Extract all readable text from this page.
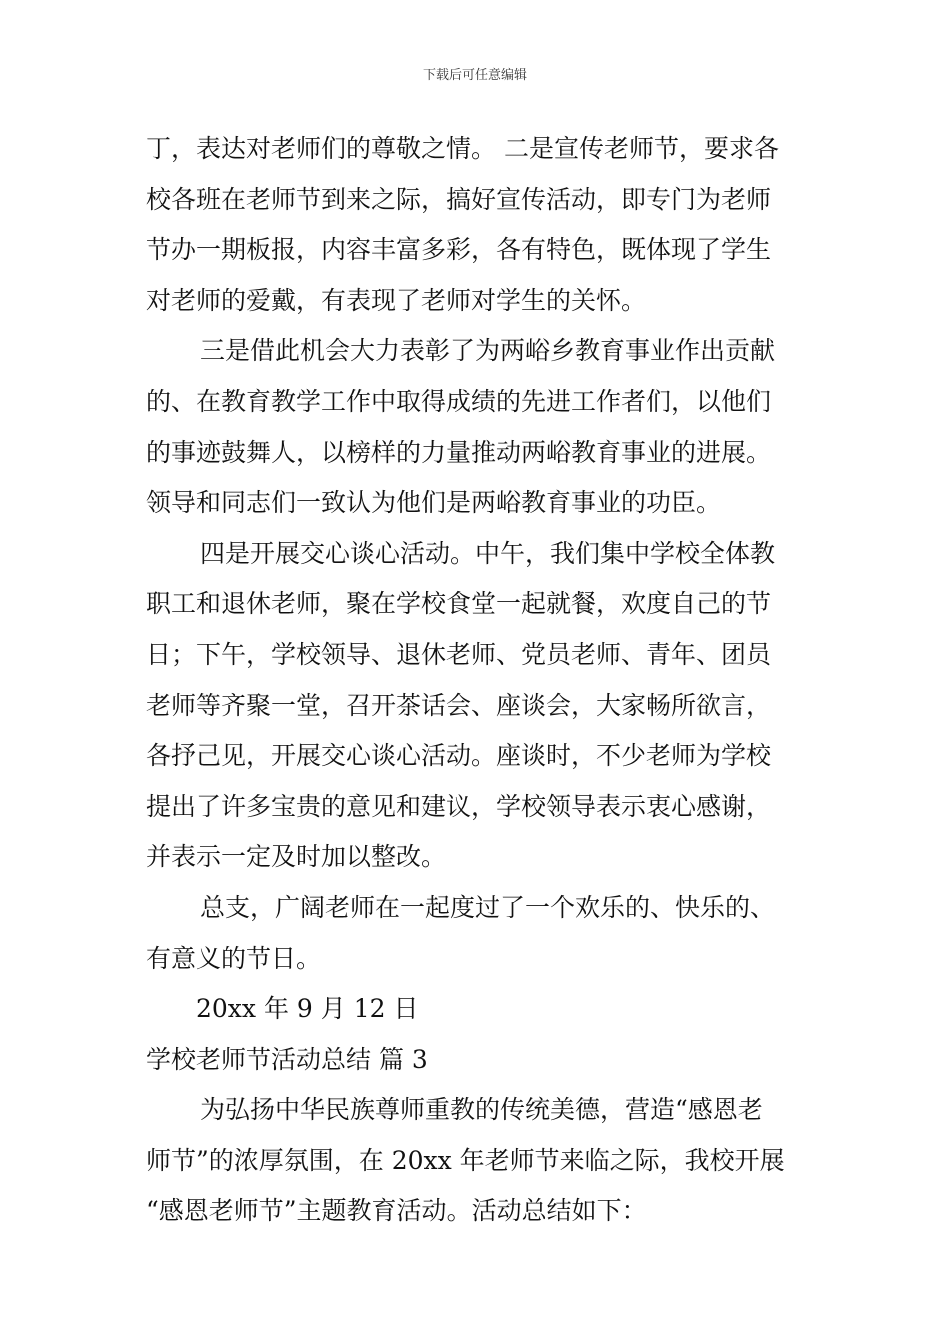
下载后可任意编辑

丁，表达对老师们的尊敬之情。 二是宣传老师节，要求各
校各班在老师节到来之际，搞好宣传活动，即专门为老师
节办一期板报，内容丰富多彩，各有特色，既体现了学生
对老师的爱戴，有表现了老师对学生的关怀。

三是借此机会大力表彰了为两峪乡教育事业作出贡献
的、在教育教学工作中取得成绩的先进工作者们，以他们
的事迹鼓舞人，以榜样的力量推动两峪教育事业的进展。
领导和同志们一致认为他们是两峪教育事业的功臣。

四是开展交心谈心活动。中午，我们集中学校全体教
职工和退休老师，聚在学校食堂一起就餐，欢度自己的节
日；下午，学校领导、退休老师、党员老师、青年、团员
老师等齐聚一堂，召开茶话会、座谈会，大家畅所欲言，
各抒己见，开展交心谈心活动。座谈时，不少老师为学校
提出了许多宝贵的意见和建议，学校领导表示衷心感谢，
并表示一定及时加以整改。

总支，广阔老师在一起度过了一个欢乐的、快乐的、
有意义的节日。

20xx 年 9 月 12 日

学校老师节活动总结 篇 3

为弘扬中华民族尊师重教的传统美德，营造“感恩老
师节”的浓厚氛围，在 20xx 年老师节来临之际，我校开展
“感恩老师节”主题教育活动。活动总结如下：
